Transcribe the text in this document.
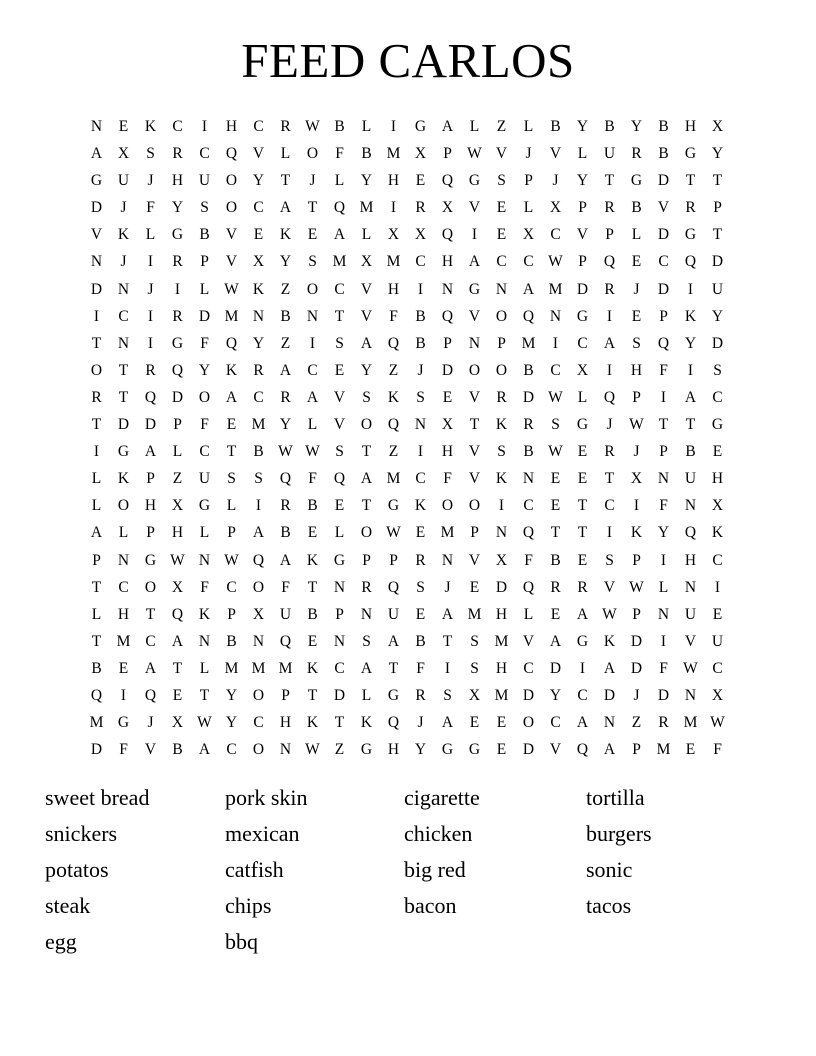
FEED CARLOS
N	E	K	C	I	H	C	R W B	L	I	G	A	L	Z	L	B	Y	B	Y	B	H	X
A	X	S	R	C	Q	V	L	O	F	B M X	P W V	J	V	L	U	R	B	G	Y
G	U	J	H	U	O	Y	T	J	L	Y	H	E	Q	G	S	P	J	Y	T	G	D	T	T
D	J	F	Y	S	O	C	A	T	Q M	I	R	X	V	E	L	X	P	R	B	V	R	P
V	K	L	G	B	V	E	K	E	A	L	X	X	Q	I	E	X	C	V	P	L	D	G	T
N	J	I	R	P	V	X	Y	S	M X M C	H	A	C	C W P	Q	E	C	Q	D
D	N	J	I	L W K	Z	O	C	V	H	I	N	G	N	A M D	R	J	D	I	U
I	C	I	R	D M N	B	N	T	V	F	B	Q	V	O	Q	N	G	I	E	P	K	Y
T	N	I	G	F	Q	Y	Z	I	S	A	Q	B	P	N	P	M	I	C	A	S	Q	Y	D
O	T	R	Q	Y	K	R	A	C	E	Y	Z	J	D	O	O	B	C	X	I	H	F	I	S
R	T	Q	D	O	A	C	R	A	V	S	K	S	E	V	R	D W L	Q	P	I	A	C
T	D	D	P	F	E M Y	L	V	O	Q	N	X	T	K	R	S	G	J	W T	T	G
I	G	A	L	C	T	B W W S	T	Z	I	H	V	S	B W E	R	J	P	B	E
L	K	P	Z	U	S	S	Q	F	Q	A M C	F	V	K	N	E	E	T	X	N	U	H
L	O	H	X	G	L	I	R	B	E	T	G	K	O	O	I	C	E	T	C	I	F	N	X
A	L	P	H	L	P	A	B	E	L	O W E M	P	N	Q	T	T	I	K	Y	Q	K
P	N	G W N W Q	A	K	G	P	P	R	N	V	X	F	B	E	S	P	I	H	C
T	C	O	X	F	C	O	F	T	N	R	Q	S	J	E	D	Q	R	R	V W L	N	I
L	H	T	Q	K	P	X	U	B	P	N	U	E	A M H	L	E	A W P	N	U	E
T M C	A	N	B	N	Q	E	N	S	A	B	T	S	M V	A	G	K	D	I	V	U
B	E	A	T	L M M M K	C	A	T	F	I	S	H	C	D	I	A	D	F W C
Q	I	Q	E	T	Y	O	P	T	D	L	G	R	S	X M D	Y	C	D	J	D	N	X
M G	J	X W Y	C	H	K	T	K	Q	J	A	E	E	O	C	A	N	Z	R M W
D	F	V	B	A	C	O	N W Z	G	H	Y	G	G	E	D	V	Q	A	P	M E	F
sweet bread
snickers
potatos
steak
egg
pork skin
mexican
catfish
chips
bbq
cigarette
chicken
big red
bacon
tortilla
burgers
sonic
tacos
